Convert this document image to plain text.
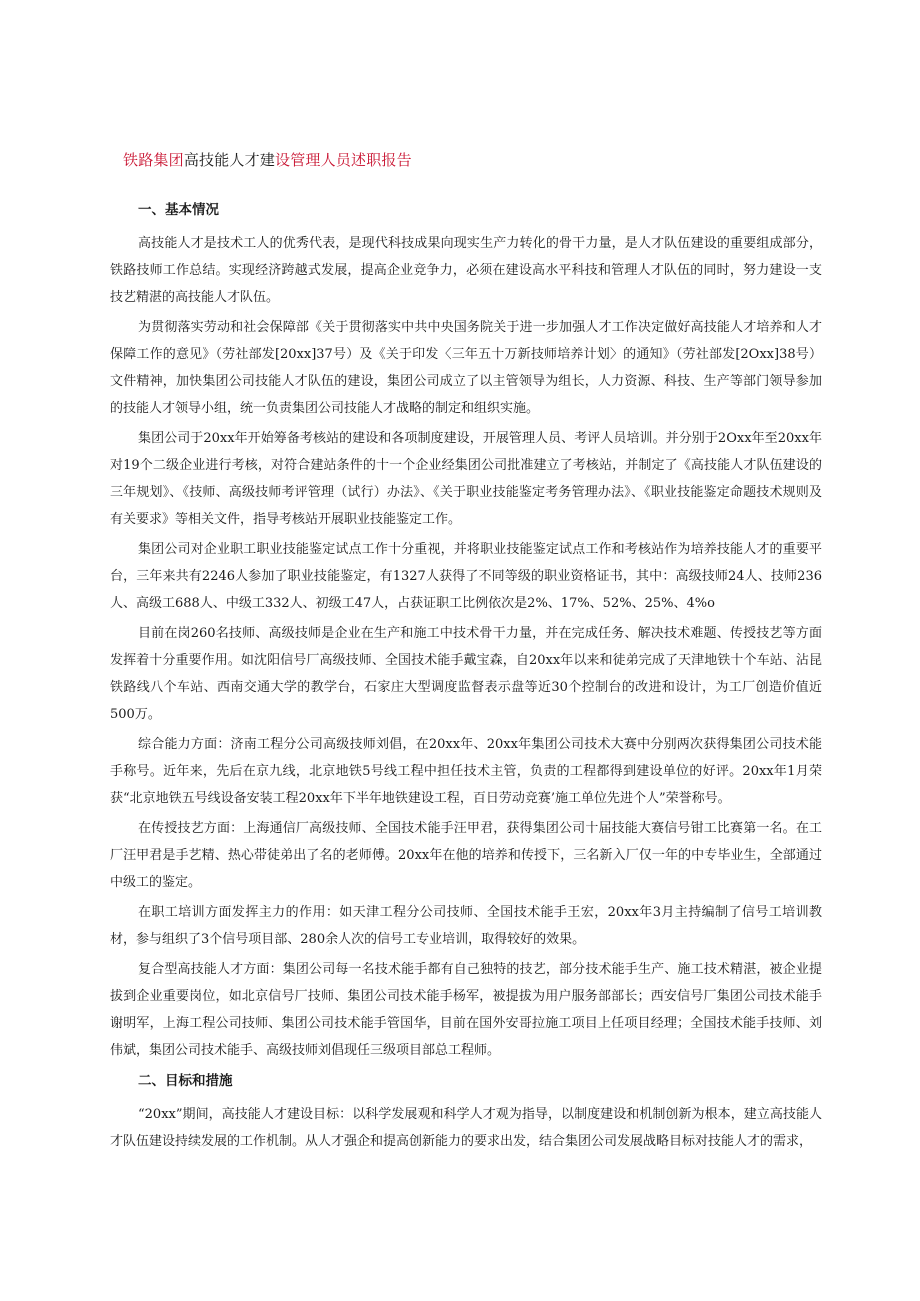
铁路集团高技能人才建设管理人员述职报告
一、基本情况

高技能人才是技术工人的优秀代表，是现代科技成果向现实生产力转化的骨干力量，是人才队伍建设的重要组成部分，铁路技师工作总结。实现经济跨越式发展，提高企业竞争力，必须在建设高水平科技和管理人才队伍的同时，努力建设一支技艺精湛的高技能人才队伍。

为贯彻落实劳动和社会保障部《关于贯彻落实中共中央国务院关于进一步加强人才工作决定做好高技能人才培养和人才保障工作的意见》（劳社部发[20xx]37号）及《关于印发〈三年五十万新技师培养计划〉的通知》（劳社部发[2Oxx]38号）文件精神，加快集团公司技能人才队伍的建设，集团公司成立了以主管领导为组长，人力资源、科技、生产等部门领导参加的技能人才领导小组，统一负责集团公司技能人才战略的制定和组织实施。

集团公司于20xx年开始筹备考核站的建设和各项制度建设，开展管理人员、考评人员培训。并分别于2Oxx年至20xx年对19个二级企业进行考核，对符合建站条件的十一个企业经集团公司批准建立了考核站，并制定了《高技能人才队伍建设的三年规划》、《技师、高级技师考评管理（试行）办法》、《关于职业技能鉴定考务管理办法》、《职业技能鉴定命题技术规则及有关要求》等相关文件，指导考核站开展职业技能鉴定工作。

集团公司对企业职工职业技能鉴定试点工作十分重视，并将职业技能鉴定试点工作和考核站作为培养技能人才的重要平台，三年来共有2246人参加了职业技能鉴定，有1327人获得了不同等级的职业资格证书，其中：高级技师24人、技师236人、高级工688人、中级工332人、初级工47人，占获证职工比例依次是2%、17%、52%、25%、4%o

目前在岗260名技师、高级技师是企业在生产和施工中技术骨干力量，并在完成任务、解决技术难题、传授技艺等方面发挥着十分重要作用。如沈阳信号厂高级技师、全国技术能手戴宝森，自20xx年以来和徒弟完成了天津地铁十个车站、沾昆铁路线八个车站、西南交通大学的教学台，石家庄大型调度监督表示盘等近30个控制台的改进和设计，为工厂创造价值近500万。

综合能力方面：济南工程分公司高级技师刘倡，在20xx年、20xx年集团公司技术大赛中分别两次获得集团公司技术能手称号。近年来，先后在京九线，北京地铁5号线工程中担任技术主管，负责的工程都得到建设单位的好评。20xx年1月荣获“北京地铁五号线设备安装工程20xx年下半年地铁建设工程，百日劳动竞赛’施工单位先进个人”荣誉称号。

在传授技艺方面：上海通信厂高级技师、全国技术能手汪甲君，获得集团公司十届技能大赛信号钳工比赛第一名。在工厂汪甲君是手艺精、热心带徒弟出了名的老师傅。20xx年在他的培养和传授下，三名新入厂仅一年的中专毕业生，全部通过中级工的鉴定。

在职工培训方面发挥主力的作用：如天津工程分公司技师、全国技术能手王宏，20xx年3月主持编制了信号工培训教材，参与组织了3个信号项目部、280余人次的信号工专业培训，取得较好的效果。

复合型高技能人才方面：集团公司每一名技术能手都有自己独特的技艺，部分技术能手生产、施工技术精湛，被企业提拔到企业重要岗位，如北京信号厂技师、集团公司技术能手杨军，被提拔为用户服务部部长；西安信号厂集团公司技术能手谢明军，上海工程公司技师、集团公司技术能手管国华，目前在国外安哥拉施工项目上任项目经理；全国技术能手技师、刘伟斌，集团公司技术能手、高级技师刘倡现任三级项目部总工程师。

二、目标和措施

“20xx”期间，高技能人才建设目标：以科学发展观和科学人才观为指导，以制度建设和机制创新为根本，建立高技能人才队伍建设持续发展的工作机制。从人才强企和提高创新能力的要求出发，结合集团公司发展战略目标对技能人才的需求，
